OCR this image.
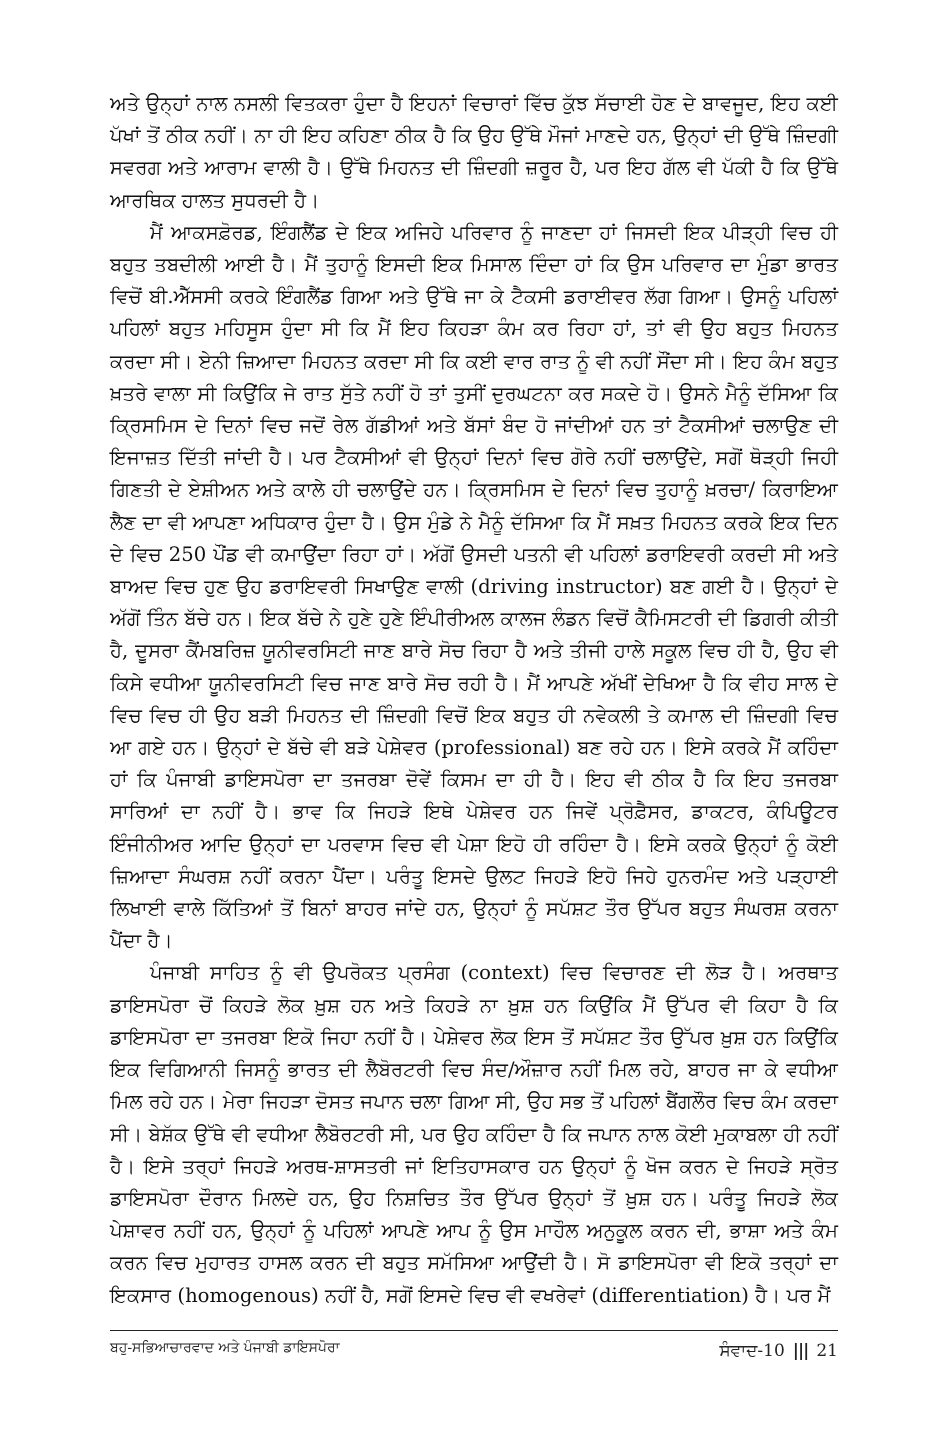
ਅਤੇ ਉਨ੍ਹਾਂ ਨਾਲ ਨਸਲੀ ਵਿਤਕਰਾ ਹੁੰਦਾ ਹੈ ਇਹਨਾਂ ਵਿਚਾਰਾਂ ਵਿੱਚ ਕੁੱਝ ਸੱਚਾਈ ਹੋਣ ਦੇ ਬਾਵਜੂਦ, ਇਹ ਕਈ ਪੱਖਾਂ ਤੋਂ ਠੀਕ ਨਹੀਂ। ਨਾ ਹੀ ਇਹ ਕਹਿਣਾ ਠੀਕ ਹੈ ਕਿ ਉਹ ਉੱਥੇ ਮੌਜਾਂ ਮਾਣਦੇ ਹਨ, ਉਨ੍ਹਾਂ ਦੀ ਉੱਥੇ ਜ਼ਿੰਦਗੀ ਸਵਰਗ ਅਤੇ ਆਰਾਮ ਵਾਲੀ ਹੈ। ਉੱਥੇ ਮਿਹਨਤ ਦੀ ਜ਼ਿੰਦਗੀ ਜ਼ਰੂਰ ਹੈ, ਪਰ ਇਹ ਗੱਲ ਵੀ ਪੱਕੀ ਹੈ ਕਿ ਉੱਥੇ ਆਰਥਿਕ ਹਾਲਤ ਸੁਧਰਦੀ ਹੈ।

ਮੈਂ ਆਕਸਫ਼ੋਰਡ, ਇੰਗਲੈਂਡ ਦੇ ਇਕ ਅਜਿਹੇ ਪਰਿਵਾਰ ਨੂੰ ਜਾਣਦਾ ਹਾਂ ਜਿਸਦੀ ਇਕ ਪੀੜ੍ਹੀ ਵਿਚ ਹੀ ਬਹੁਤ ਤਬਦੀਲੀ ਆਈ ਹੈ। ਮੈਂ ਤੁਹਾਨੂੰ ਇਸਦੀ ਇਕ ਮਿਸਾਲ ਦਿੰਦਾ ਹਾਂ ਕਿ ਉਸ ਪਰਿਵਾਰ ਦਾ ਮੁੰਡਾ ਭਾਰਤ ਵਿਚੋਂ ਬੀ.ਐੱਸਸੀ ਕਰਕੇ ਇੰਗਲੈਂਡ ਗਿਆ ਅਤੇ ਉੱਥੇ ਜਾ ਕੇ ਟੈਕਸੀ ਡਰਾਈਵਰ ਲੱਗ ਗਿਆ। ਉਸਨੂੰ ਪਹਿਲਾਂ ਪਹਿਲਾਂ ਬਹੁਤ ਮਹਿਸੂਸ ਹੁੰਦਾ ਸੀ ਕਿ ਮੈਂ ਇਹ ਕਿਹੜਾ ਕੰਮ ਕਰ ਰਿਹਾ ਹਾਂ, ਤਾਂ ਵੀ ਉਹ ਬਹੁਤ ਮਿਹਨਤ ਕਰਦਾ ਸੀ। ਏਨੀ ਜ਼ਿਆਦਾ ਮਿਹਨਤ ਕਰਦਾ ਸੀ ਕਿ ਕਈ ਵਾਰ ਰਾਤ ਨੂੰ ਵੀ ਨਹੀਂ ਸੌਂਦਾ ਸੀ। ਇਹ ਕੰਮ ਬਹੁਤ ਖ਼ਤਰੇ ਵਾਲਾ ਸੀ ਕਿਉਂਕਿ ਜੇ ਰਾਤ ਸੁੱਤੇ ਨਹੀਂ ਹੋ ਤਾਂ ਤੁਸੀਂ ਦੁਰਘਟਨਾ ਕਰ ਸਕਦੇ ਹੋ। ਉਸਨੇ ਮੈਨੂੰ ਦੱਸਿਆ ਕਿ ਕ੍ਰਿਸਮਿਸ ਦੇ ਦਿਨਾਂ ਵਿਚ ਜਦੋਂ ਰੇਲ ਗੱਡੀਆਂ ਅਤੇ ਬੱਸਾਂ ਬੰਦ ਹੋ ਜਾਂਦੀਆਂ ਹਨ ਤਾਂ ਟੈਕਸੀਆਂ ਚਲਾਉਣ ਦੀ ਇਜਾਜ਼ਤ ਦਿੱਤੀ ਜਾਂਦੀ ਹੈ। ਪਰ ਟੈਕਸੀਆਂ ਵੀ ਉਨ੍ਹਾਂ ਦਿਨਾਂ ਵਿਚ ਗੋਰੇ ਨਹੀਂ ਚਲਾਉਂਦੇ, ਸਗੋਂ ਥੋੜ੍ਹੀ ਜਿਹੀ ਗਿਣਤੀ ਦੇ ਏਸ਼ੀਅਨ ਅਤੇ ਕਾਲੇ ਹੀ ਚਲਾਉਂਦੇ ਹਨ। ਕ੍ਰਿਸਮਿਸ ਦੇ ਦਿਨਾਂ ਵਿਚ ਤੁਹਾਨੂੰ ਖ਼ਰਚਾ/ ਕਿਰਾਇਆ ਲੈਣ ਦਾ ਵੀ ਆਪਣਾ ਅਧਿਕਾਰ ਹੁੰਦਾ ਹੈ। ਉਸ ਮੁੰਡੇ ਨੇ ਮੈਨੂੰ ਦੱਸਿਆ ਕਿ ਮੈਂ ਸਖ਼ਤ ਮਿਹਨਤ ਕਰਕੇ ਇਕ ਦਿਨ ਦੇ ਵਿਚ 250 ਪੌਂਡ ਵੀ ਕਮਾਉਂਦਾ ਰਿਹਾ ਹਾਂ। ਅੱਗੋਂ ਉਸਦੀ ਪਤਨੀ ਵੀ ਪਹਿਲਾਂ ਡਰਾਇਵਰੀ ਕਰਦੀ ਸੀ ਅਤੇ ਬਾਅਦ ਵਿਚ ਹੁਣ ਉਹ ਡਰਾਇਵਰੀ ਸਿਖਾਉਣ ਵਾਲੀ (driving instructor) ਬਣ ਗਈ ਹੈ। ਉਨ੍ਹਾਂ ਦੇ ਅੱਗੋਂ ਤਿੰਨ ਬੱਚੇ ਹਨ। ਇਕ ਬੱਚੇ ਨੇ ਹੁਣੇ ਹੁਣੇ ਇੰਪੀਰੀਅਲ ਕਾਲਜ ਲੰਡਨ ਵਿਚੋਂ ਕੈਮਿਸਟਰੀ ਦੀ ਡਿਗਰੀ ਕੀਤੀ ਹੈ, ਦੂਸਰਾ ਕੈਂਮਬਰਿਜ਼ ਯੂਨੀਵਰਸਿਟੀ ਜਾਣ ਬਾਰੇ ਸੋਚ ਰਿਹਾ ਹੈ ਅਤੇ ਤੀਜੀ ਹਾਲੇ ਸਕੂਲ ਵਿਚ ਹੀ ਹੈ, ਉਹ ਵੀ ਕਿਸੇ ਵਧੀਆ ਯੂਨੀਵਰਸਿਟੀ ਵਿਚ ਜਾਣ ਬਾਰੇ ਸੋਚ ਰਹੀ ਹੈ। ਮੈਂ ਆਪਣੇ ਅੱਖੀਂ ਦੇਖਿਆ ਹੈ ਕਿ ਵੀਹ ਸਾਲ ਦੇ ਵਿਚ ਵਿਚ ਹੀ ਉਹ ਬੜੀ ਮਿਹਨਤ ਦੀ ਜ਼ਿੰਦਗੀ ਵਿਚੋਂ ਇਕ ਬਹੁਤ ਹੀ ਨਵੇਕਲੀ ਤੇ ਕਮਾਲ ਦੀ ਜ਼ਿੰਦਗੀ ਵਿਚ ਆ ਗਏ ਹਨ। ਉਨ੍ਹਾਂ ਦੇ ਬੱਚੇ ਵੀ ਬੜੇ ਪੇਸ਼ੇਵਰ (professional) ਬਣ ਰਹੇ ਹਨ। ਇਸੇ ਕਰਕੇ ਮੈਂ ਕਹਿੰਦਾ ਹਾਂ ਕਿ ਪੰਜਾਬੀ ਡਾਇਸਪੋਰਾ ਦਾ ਤਜਰਬਾ ਦੋਵੇਂ ਕਿਸਮ ਦਾ ਹੀ ਹੈ। ਇਹ ਵੀ ਠੀਕ ਹੈ ਕਿ ਇਹ ਤਜਰਬਾ ਸਾਰਿਆਂ ਦਾ ਨਹੀਂ ਹੈ। ਭਾਵ ਕਿ ਜਿਹੜੇ ਇਥੇ ਪੇਸ਼ੇਵਰ ਹਨ ਜਿਵੇਂ ਪ੍ਰੋਫ਼ੈਸਰ, ਡਾਕਟਰ, ਕੰਪਿਊਟਰ ਇੰਜੀਨੀਅਰ ਆਦਿ ਉਨ੍ਹਾਂ ਦਾ ਪਰਵਾਸ ਵਿਚ ਵੀ ਪੇਸ਼ਾ ਇਹੋ ਹੀ ਰਹਿੰਦਾ ਹੈ। ਇਸੇ ਕਰਕੇ ਉਨ੍ਹਾਂ ਨੂੰ ਕੋਈ ਜ਼ਿਆਦਾ ਸੰਘਰਸ਼ ਨਹੀਂ ਕਰਨਾ ਪੈਂਦਾ। ਪਰੰਤੂ ਇਸਦੇ ਉਲਟ ਜਿਹੜੇ ਇਹੋ ਜਿਹੇ ਹੁਨਰਮੰਦ ਅਤੇ ਪੜ੍ਹਾਈ ਲਿਖਾਈ ਵਾਲੇ ਕਿੱਤਿਆਂ ਤੋਂ ਬਿਨਾਂ ਬਾਹਰ ਜਾਂਦੇ ਹਨ, ਉਨ੍ਹਾਂ ਨੂੰ ਸਪੱਸ਼ਟ ਤੌਰ ਉੱਪਰ ਬਹੁਤ ਸੰਘਰਸ਼ ਕਰਨਾ ਪੈਂਦਾ ਹੈ।

ਪੰਜਾਬੀ ਸਾਹਿਤ ਨੂੰ ਵੀ ਉਪਰੋਕਤ ਪ੍ਰਸੰਗ (context) ਵਿਚ ਵਿਚਾਰਣ ਦੀ ਲੋੜ ਹੈ। ਅਰਥਾਤ ਡਾਇਸਪੋਰਾ ਚੋਂ ਕਿਹੜੇ ਲੋਕ ਖ਼ੁਸ਼ ਹਨ ਅਤੇ ਕਿਹੜੇ ਨਾ ਖ਼ੁਸ਼ ਹਨ ਕਿਉਂਕਿ ਮੈਂ ਉੱਪਰ ਵੀ ਕਿਹਾ ਹੈ ਕਿ ਡਾਇਸਪੋਰਾ ਦਾ ਤਜਰਬਾ ਇਕੋ ਜਿਹਾ ਨਹੀਂ ਹੈ। ਪੇਸ਼ੇਵਰ ਲੋਕ ਇਸ ਤੋਂ ਸਪੱਸ਼ਟ ਤੌਰ ਉੱਪਰ ਖ਼ੁਸ਼ ਹਨ ਕਿਉਂਕਿ ਇਕ ਵਿਗਿਆਨੀ ਜਿਸਨੂੰ ਭਾਰਤ ਦੀ ਲੈਬੋਰਟਰੀ ਵਿਚ ਸੰਦ/ਔਜ਼ਾਰ ਨਹੀਂ ਮਿਲ ਰਹੇ, ਬਾਹਰ ਜਾ ਕੇ ਵਧੀਆ ਮਿਲ ਰਹੇ ਹਨ। ਮੇਰਾ ਜਿਹੜਾ ਦੋਸਤ ਜਪਾਨ ਚਲਾ ਗਿਆ ਸੀ, ਉਹ ਸਭ ਤੋਂ ਪਹਿਲਾਂ ਬੈਂਗਲੌਰ ਵਿਚ ਕੰਮ ਕਰਦਾ ਸੀ। ਬੇਸ਼ੱਕ ਉੱਥੇ ਵੀ ਵਧੀਆ ਲੈਬੋਰਟਰੀ ਸੀ, ਪਰ ਉਹ ਕਹਿੰਦਾ ਹੈ ਕਿ ਜਪਾਨ ਨਾਲ ਕੋਈ ਮੁਕਾਬਲਾ ਹੀ ਨਹੀਂ ਹੈ। ਇਸੇ ਤਰ੍ਹਾਂ ਜਿਹੜੇ ਅਰਥ-ਸ਼ਾਸਤਰੀ ਜਾਂ ਇਤਿਹਾਸਕਾਰ ਹਨ ਉਨ੍ਹਾਂ ਨੂੰ ਖੋਜ ਕਰਨ ਦੇ ਜਿਹੜੇ ਸ੍ਰੋਤ ਡਾਇਸਪੋਰਾ ਦੌਰਾਨ ਮਿਲਦੇ ਹਨ, ਉਹ ਨਿਸ਼ਚਿਤ ਤੌਰ ਉੱਪਰ ਉਨ੍ਹਾਂ ਤੋਂ ਖ਼ੁਸ਼ ਹਨ। ਪਰੰਤੂ ਜਿਹੜੇ ਲੋਕ ਪੇਸ਼ਾਵਰ ਨਹੀਂ ਹਨ, ਉਨ੍ਹਾਂ ਨੂੰ ਪਹਿਲਾਂ ਆਪਣੇ ਆਪ ਨੂੰ ਉਸ ਮਾਹੌਲ ਅਨੁਕੂਲ ਕਰਨ ਦੀ, ਭਾਸ਼ਾ ਅਤੇ ਕੰਮ ਕਰਨ ਵਿਚ ਮੁਹਾਰਤ ਹਾਸਲ ਕਰਨ ਦੀ ਬਹੁਤ ਸਮੱਸਿਆ ਆਉਂਦੀ ਹੈ। ਸੋ ਡਾਇਸਪੋਰਾ ਵੀ ਇਕੋ ਤਰ੍ਹਾਂ ਦਾ ਇਕਸਾਰ (homogenous) ਨਹੀਂ ਹੈ, ਸਗੋਂ ਇਸਦੇ ਵਿਚ ਵੀ ਵਖਰੇਵਾਂ (differentiation) ਹੈ। ਪਰ ਮੈਂ

ਬਹੁ-ਸਭਿਆਚਾਰਵਾਦ ਅਤੇ ਪੰਜਾਬੀ ਡਾਇਸਪੋਰਾ	ਸੰਵਾਦ-10 ||| 21
